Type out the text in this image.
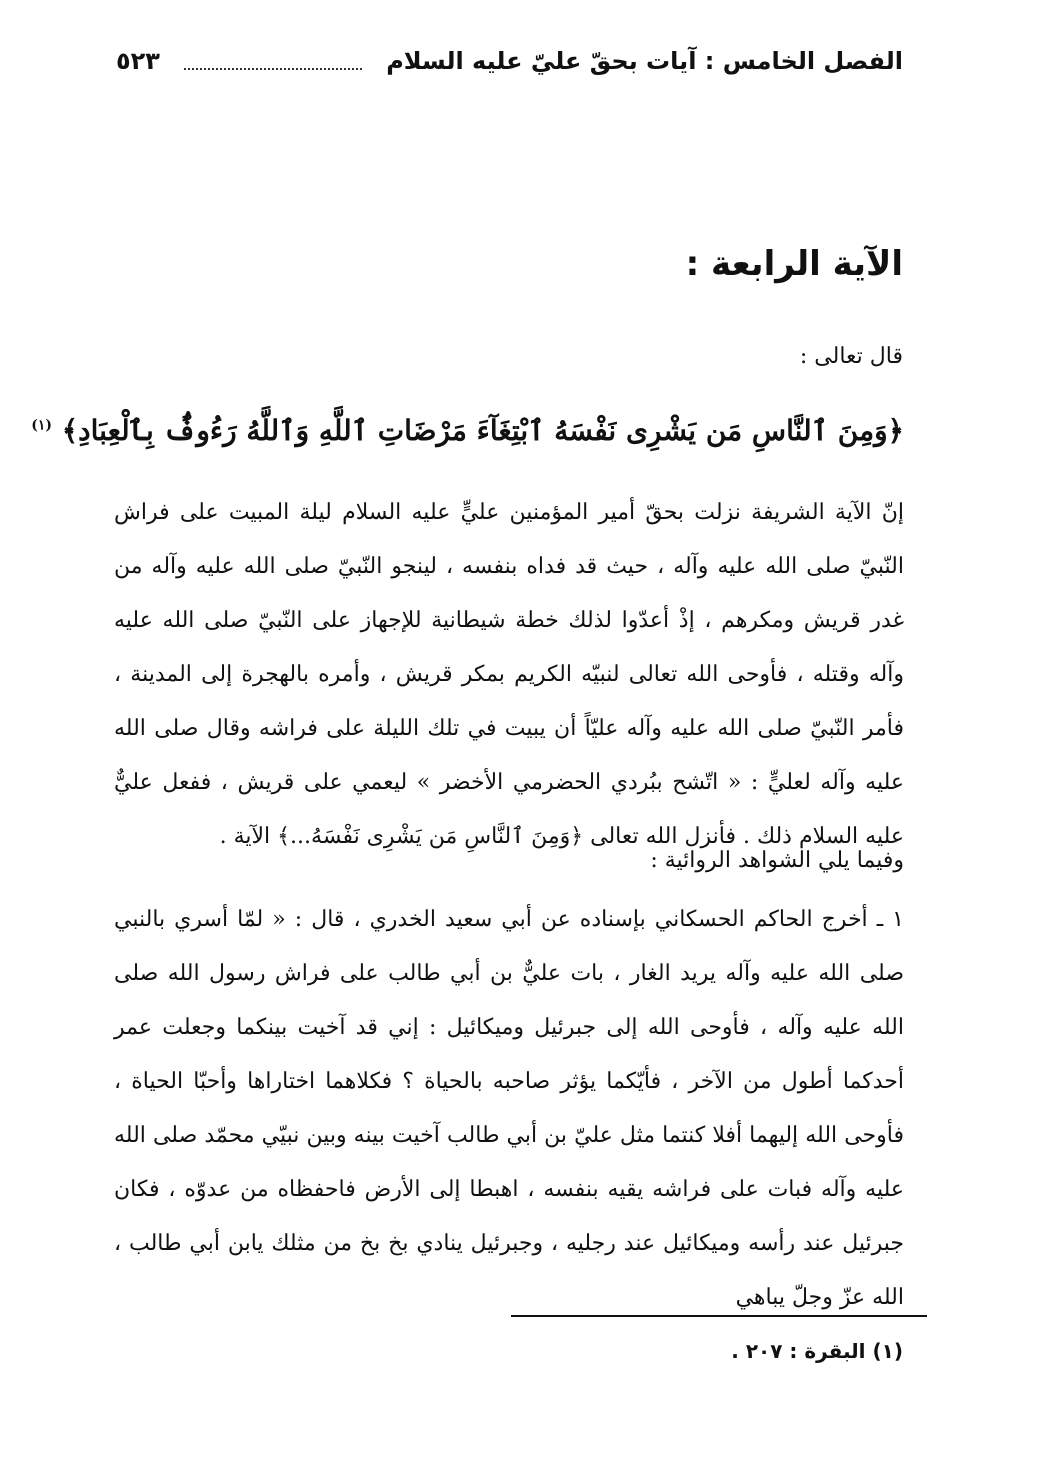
الفصل الخامس : آيات بحقّ عليّ عليه السلام
٥٢٣
الآية الرابعة :
قال تعالى :
﴿وَمِنَ ٱلنَّاسِ مَن يَشْرِى نَفْسَهُ ٱبْتِغَآءَ مَرْضَاتِ ٱللَّهِ وَٱللَّهُ رَءُوفٌۢ بِٱلْعِبَادِ﴾ $^{(١)}$
إنّ الآية الشريفة نزلت بحقّ أمير المؤمنين عليٍّ عليه السلام ليلة المبيت على فراش النّبيّ صلى الله عليه وآله ، حيث قد فداه بنفسه ، لينجو النّبيّ صلى الله عليه وآله من غدر قريش ومكرهم ، إذْ أعدّوا لذلك خطة شيطانية للإجهاز على النّبيّ صلى الله عليه وآله وقتله ، فأوحى الله تعالى لنبيّه الكريم بمكر قريش ، وأمره بالهجرة إلى المدينة ، فأمر النّبيّ صلى الله عليه وآله عليّاً أن يبيت في تلك الليلة على فراشه وقال صلى الله عليه وآله لعليٍّ : « اتّشح ببُردي الحضرمي الأخضر » ليعمي على قريش ، ففعل عليٌّ عليه السلام ذلك . فأنزل الله تعالى ﴿وَمِنَ ٱلنَّاسِ مَن يَشْرِى نَفْسَهُ...﴾ الآية .
وفيما يلي الشواهد الروائية :
١ ـ أخرج الحاكم الحسكاني بإسناده عن أبي سعيد الخدري ، قال : « لمّا أسري بالنبي صلى الله عليه وآله يريد الغار ، بات عليٌّ بن أبي طالب على فراش رسول الله صلى الله عليه وآله ، فأوحى الله إلى جبرئيل وميكائيل : إني قد آخيت بينكما وجعلت عمر أحدكما أطول من الآخر ، فأيّكما يؤثر صاحبه بالحياة ؟ فكلاهما اختاراها وأحبّا الحياة ، فأوحى الله إليهما أفلا كنتما مثل عليّ بن أبي طالب آخيت بينه وبين نبيّي محمّد صلى الله عليه وآله فبات على فراشه يقيه بنفسه ، اهبطا إلى الأرض فاحفظاه من عدوّه ، فكان جبرئيل عند رأسه وميكائيل عند رجليه ، وجبرئيل ينادي بخ بخ من مثلك يابن أبي طالب ، الله عزّ وجلّ يباهي
(١) البقرة : ٢٠٧ .
